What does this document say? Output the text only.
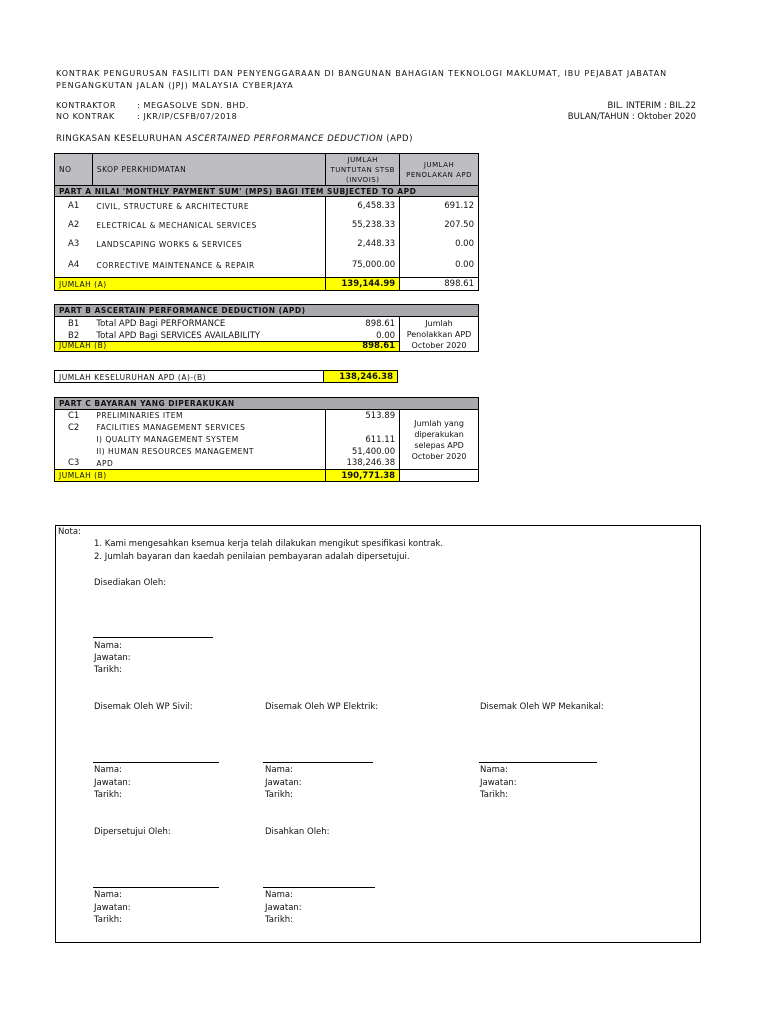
KONTRAK PENGURUSAN FASILITI DAN PENYENGGARAAN DI BANGUNAN BAHAGIAN TEKNOLOGI MAKLUMAT, IBU PEJABAT JABATAN PENGANGKUTAN JALAN (JPJ) MALAYSIA CYBERJAYA
KONTRAKTOR	: MEGASOLVE SDN. BHD.
NO KONTRAK	: JKR/IP/CSFB/07/2018
BIL. INTERIM : BIL.22
BULAN/TAHUN : Oktober 2020
RINGKASAN KESELURUHAN ASCERTAINED PERFORMANCE DEDUCTION (APD)
NO	SKOP PERKHIDMATAN	JUMLAH TUNTUTAN STSB (INVOIS)	JUMLAH PENOLAKAN APD
PART A NILAI 'MONTHLY PAYMENT SUM' (MPS) BAGI ITEM SUBJECTED TO APD			
A1	CIVIL, STRUCTURE & ARCHITECTURE	6,458.33	691.12
A2	ELECTRICAL & MECHANICAL SERVICES	55,238.33	207.50
A3	LANDSCAPING WORKS & SERVICES	2,448.33	0.00
A4	CORRECTIVE MAINTENANCE & REPAIR	75,000.00	0.00
JUMLAH (A)		139,144.99	898.61
PART B ASCERTAIN PERFORMANCE DEDUCTION (APD)			
B1	Total APD Bagi PERFORMANCE	898.61	Jumlah
Penolakkan APD
October 2020

B2	Total APD Bagi SERVICES AVAILABILITY	0.00	

JUMLAH (B) 898.61			
JUMLAH KESELURUHAN APD (A)-(B)	138,246.38
PART C BAYARAN YANG DIPERAKUKAN			
C1	PRELIMINARIES ITEM	513.89	Jumlah yang
diperakukan
selepas APD
October 2020

C2	FACILITIES MANAGEMENT SERVICES		
	I) QUALITY MANAGEMENT SYSTEM	611.11	
	II) HUMAN RESOURCES MANAGEMENT	51,400.00	
C3	APD	138,246.38	
JUMLAH (B)		190,771.38	
Nota:
1. Kami mengesahkan ksemua kerja telah dilakukan mengikut spesifikasi kontrak.
2. Jumlah bayaran dan kaedah penilaian pembayaran adalah dipersetujui.
Disediakan Oleh:
Nama:
Jawatan:
Tarikh:
Disemak Oleh WP Sivil:	Disemak Oleh WP Elektrik:	Disemak Oleh WP Mekanikal:
Nama:
Jawatan:
Tarikh:
Nama:
Jawatan:
Tarikh:
Nama:
Jawatan:
Tarikh:
Dipersetujui Oleh:	Disahkan Oleh:
Nama:
Jawatan:
Tarikh:
Nama:
Jawatan:
Tarikh:
